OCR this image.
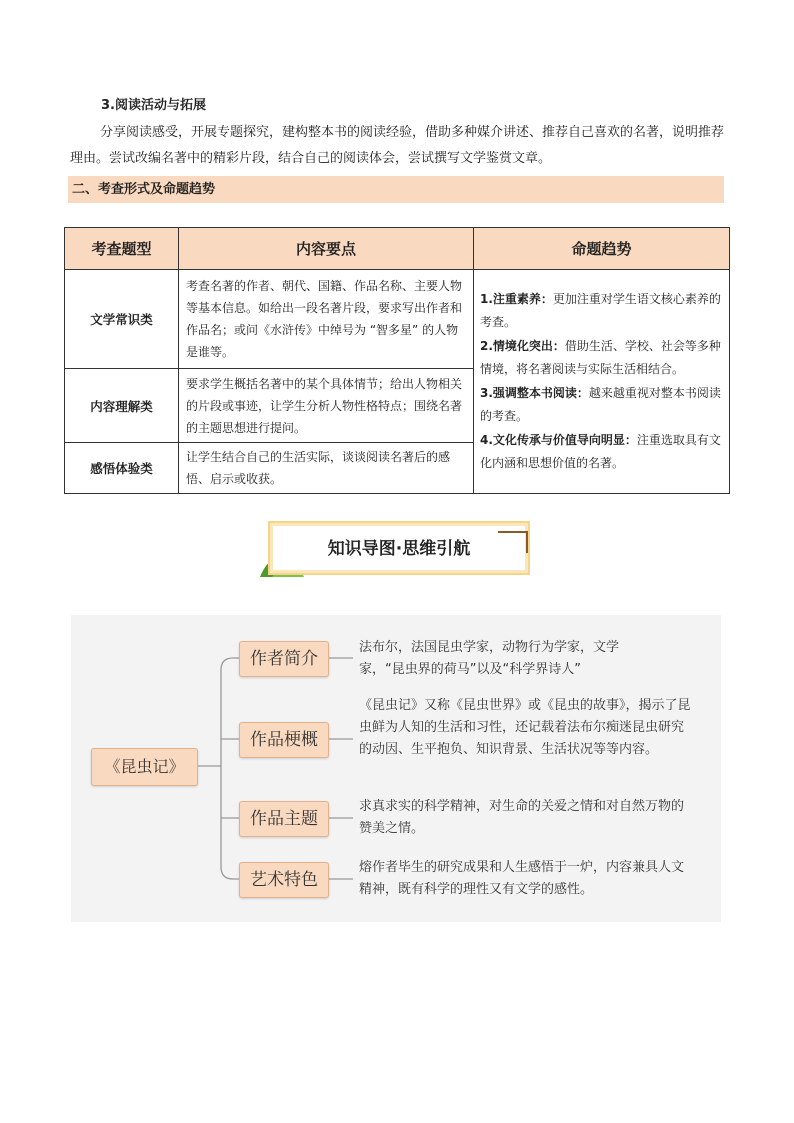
3.阅读活动与拓展
分享阅读感受，开展专题探究，建构整本书的阅读经验，借助多种媒介讲述、推荐自己喜欢的名著，说明推荐理由。尝试改编名著中的精彩片段，结合自己的阅读体会，尝试撰写文学鉴赏文章。
二、考查形式及命题趋势
考查题型	内容要点	命题趋势
文学常识类	考查名著的作者、朝代、国籍、作品名称、主要人物等基本信息。如给出一段名著片段，要求写出作者和作品名；或问《水浒传》中绰号为 “智多星” 的人物是谁等。	1.注重素养：更加注重对学生语文核心素养的考查。
2.情境化突出：借助生活、学校、社会等多种情境，将名著阅读与实际生活相结合。
3.强调整本书阅读：越来越重视对整本书阅读的考查。
4.文化传承与价值导向明显：注重选取具有文化内涵和思想价值的名著。

内容理解类	要求学生概括名著中的某个具体情节；给出人物相关的片段或事迹，让学生分析人物性格特点；围绕名著的主题思想进行提问。	
感悟体验类	让学生结合自己的生活实际，谈谈阅读名著后的感悟、启示或收获。	
知识导图·思维引航
《昆虫记》
作者简介
法布尔，法国昆虫学家，动物行为学家，文学家，“昆虫界的荷马”以及“科学界诗人”
作品梗概
《昆虫记》又称《昆虫世界》或《昆虫的故事》，揭示了昆虫鲜为人知的生活和习性，还记载着法布尔痴迷昆虫研究的动因、生平抱负、知识背景、生活状况等等内容。
作品主题
求真求实的科学精神，对生命的关爱之情和对自然万物的赞美之情。
艺术特色
熔作者毕生的研究成果和人生感悟于一炉，内容兼具人文精神，既有科学的理性又有文学的感性。
